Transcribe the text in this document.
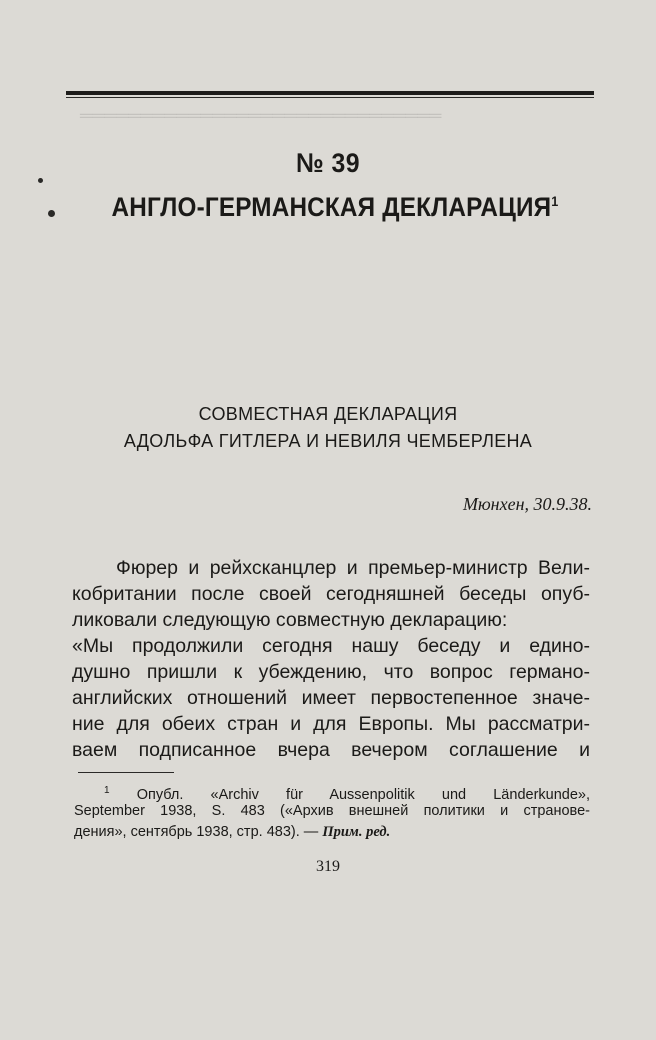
══════════════════════════════
№ 39
АНГЛО-ГЕРМАНСКАЯ ДЕКЛАРАЦИЯ$^1$
СОВМЕСТНАЯ ДЕКЛАРАЦИЯ
АДОЛЬФА ГИТЛЕРА И НЕВИЛЯ ЧЕМБЕРЛЕНА
Мюнхен, 30.9.38.
Фюрер и рейхсканцлер и премьер-министр Вели-
кобритании после своей сегодняшней беседы опуб-
ликовали следующую совместную декларацию:
«Мы продолжили сегодня нашу беседу и едино-
душно пришли к убеждению, что вопрос германо-
английских отношений имеет первостепенное значе-
ние для обеих стран и для Европы. Мы рассматри-
ваем подписанное вчера вечером соглашение и
$^1$ Опубл. «Archiv für Aussenpolitik und Länderkunde»,
September 1938, S. 483 («Архив внешней политики и странове-
дения», сентябрь 1938, стр. 483). — Прим. ред.
319
